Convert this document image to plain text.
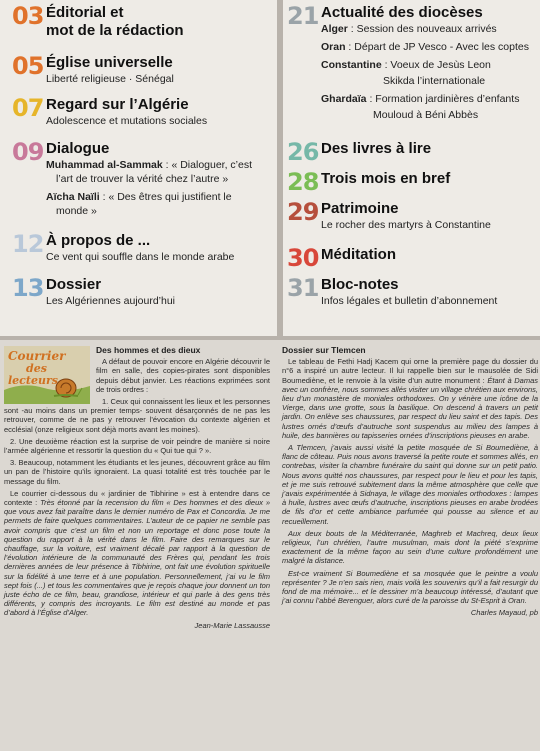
03 Éditorial et
mot de la rédaction
05 Église universelle
Liberté religieuse · Sénégal
07 Regard sur l’Algérie
Adolescence et mutations sociales
09 Dialogue
Muhammad al-Sammak : « Dialoguer, c’est
l’art de trouver la vérité chez l’autre »
Aïcha Naïli : « Des êtres qui justifient le
monde »
12 À propos de ...
Ce vent qui souffle dans le monde arabe
13 Dossier
Les Algériennes aujourd’hui
21 Actualité des diocèses
Alger : Session des nouveaux arrivés
Oran : Départ de JP Vesco - Avec les coptes
Constantine : Voeux de Jesùs Leon
Skikda l’internationale
Ghardaïa : Formation jardinières d’enfants
Mouloud à Béni Abbès
26 Des livres à lire
28 Trois mois en bref
29 Patrimoine
Le rocher des martyrs à Constantine
30 Méditation
31 Bloc-notes
Infos légales et bulletin d’abonnement
Courrier
des
lecteurs
Des hommes et des dieux
A défaut de pouvoir encore en Algérie découvrir le film en salle, des copies-pirates sont disponibles depuis début janvier. Les réactions exprimées sont de trois ordres :
1. Ceux qui connaissent les lieux et les personnes sont -au moins dans un premier temps- souvent désarçonnés de ne pas les retrouver, comme de ne pas y retrouver l’évocation du contexte algérien et ecclésial (onze religieux sont déjà morts avant les moines).
2. Une deuxième réaction est la surprise de voir peindre de manière si noire l’armée algérienne et ressortir la question du « Qui tue qui ? ».
3. Beaucoup, notamment les étudiants et les jeunes, découvrent grâce au film un pan de l’histoire qu’ils ignoraient. La quasi totalité est très touchée par le message du film.
Le courrier ci-dessous du « jardinier de Tibhirine » est à entendre dans ce contexte : Très étonné par la recension du film « Des hommes et des dieux » que vous avez fait paraître dans le dernier numéro de Pax et Concordia. Je me permets de faire quelques commentaires. L’auteur de ce papier ne semble pas avoir compris que c’est un film et non un reportage et donc pose toute la question du rapport à la vérité dans le film. Faire des remarques sur le chauffage, sur la voiture, est vraiment décalé par rapport à la question de l’évolution intérieure de la communauté des Frères qui, pendant les trois dernières années de leur présence à Tibhirine, ont fait une évolution spirituelle sur la fidélité à une terre et à une population. Personnellement, j’ai vu le film sept fois (...) et tous les commentaires que je reçois chaque jour donnent un ton juste écho de ce film, beau, grandiose, intérieur et qui parle à des gens très différents, y compris des incroyants. Le film est destiné au monde et pas d’abord à l’Église d’Alger.
Jean-Marie Lassausse
Dossier sur Tlemcen
Le tableau de Fethi Hadj Kacem qui orne la première page du dossier du n°6 a inspiré un autre lecteur. Il lui rappelle bien sur le mausolée de Sidi Boumediène, et le renvoie à la visite d’un autre monument : Étant à Damas avec un confrère, nous sommes allés visiter un village chrétien aux environs, lieu d’un monastère de moniales orthodoxes. On y vénère une icône de la Vierge, dans une grotte, sous la basilique. On descend à travers un petit jardin. On enlève ses chaussures, par respect du lieu saint et des tapis. Des lustres ornés d’œufs d’autruche sont suspendus au milieu des lampes à huile, des bannières ou tapisseries ornées d’inscriptions pieuses en arabe.
A Tlemcen, j’avais aussi visité la petite mosquée de Si Boumediène, à flanc de côteau. Puis nous avons traversé la petite route et sommes allés, en contrebas, visiter la chambre funéraire du saint qui donne sur un petit patio. Nous avons quitté nos chaussures, par respect pour le lieu et pour les tapis, et je me suis retrouvé subitement dans la même atmosphère que celle que j’avais expérimentée à Sidnaya, le village des moniales orthodoxes : lampes à huile, lustres avec œufs d’autruche, inscriptions pieuses en arabe brodées de fils d’or et cette ambiance parfumée qui pousse au silence et au recueillement.
Aux deux bouts de la Méditerranée, Maghreb et Machreq, deux lieux religieux, l’un chrétien, l’autre musulman, mais dont la piété s’exprime exactement de la même façon au sein d’une culture profondément une malgré la distance.
Est-ce vraiment Si Boumediène et sa mosquée que le peintre a voulu représenter ? Je n’en sais rien, mais voilà les souvenirs qu’il a fait resurgir du fond de ma mémoire... et le dessiner m’a beaucoup intéressé, d’autant que j’ai connu l’abbé Berenguer, alors curé de la paroisse du St-Esprit à Oran.
Charles Mayaud, pb
